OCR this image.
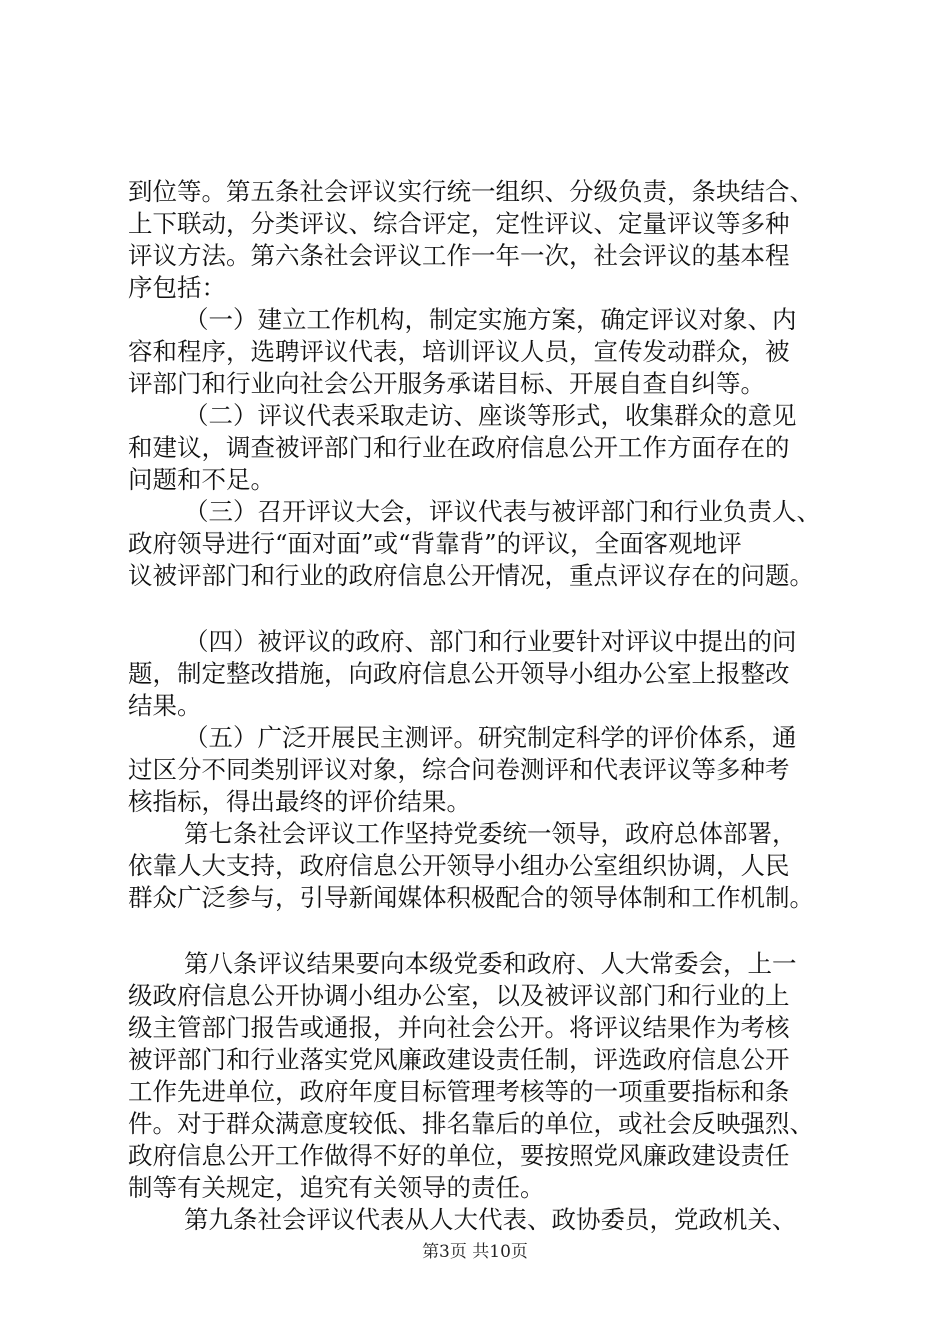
到位等。第五条社会评议实行统一组织、分级负责，条块结合、
上下联动，分类评议、综合评定，定性评议、定量评议等多种
评议方法。第六条社会评议工作一年一次，社会评议的基本程
序包括：
（一）建立工作机构，制定实施方案，确定评议对象、内
容和程序，选聘评议代表，培训评议人员，宣传发动群众，被
评部门和行业向社会公开服务承诺目标、开展自查自纠等。
（二）评议代表采取走访、座谈等形式，收集群众的意见
和建议，调查被评部门和行业在政府信息公开工作方面存在的
问题和不足。
（三）召开评议大会，评议代表与被评部门和行业负责人、
政府领导进行“面对面”或“背靠背”的评议，全面客观地评
议被评部门和行业的政府信息公开情况，重点评议存在的问题。
（四）被评议的政府、部门和行业要针对评议中提出的问
题，制定整改措施，向政府信息公开领导小组办公室上报整改
结果。
（五）广泛开展民主测评。研究制定科学的评价体系，通
过区分不同类别评议对象，综合问卷测评和代表评议等多种考
核指标，得出最终的评价结果。
第七条社会评议工作坚持党委统一领导，政府总体部署，
依靠人大支持，政府信息公开领导小组办公室组织协调，人民
群众广泛参与，引导新闻媒体积极配合的领导体制和工作机制。
第八条评议结果要向本级党委和政府、人大常委会，上一
级政府信息公开协调小组办公室，以及被评议部门和行业的上
级主管部门报告或通报，并向社会公开。将评议结果作为考核
被评部门和行业落实党风廉政建设责任制，评选政府信息公开
工作先进单位，政府年度目标管理考核等的一项重要指标和条
件。对于群众满意度较低、排名靠后的单位，或社会反映强烈、
政府信息公开工作做得不好的单位，要按照党风廉政建设责任
制等有关规定，追究有关领导的责任。
第九条社会评议代表从人大代表、政协委员，党政机关、
第3页 共10页
